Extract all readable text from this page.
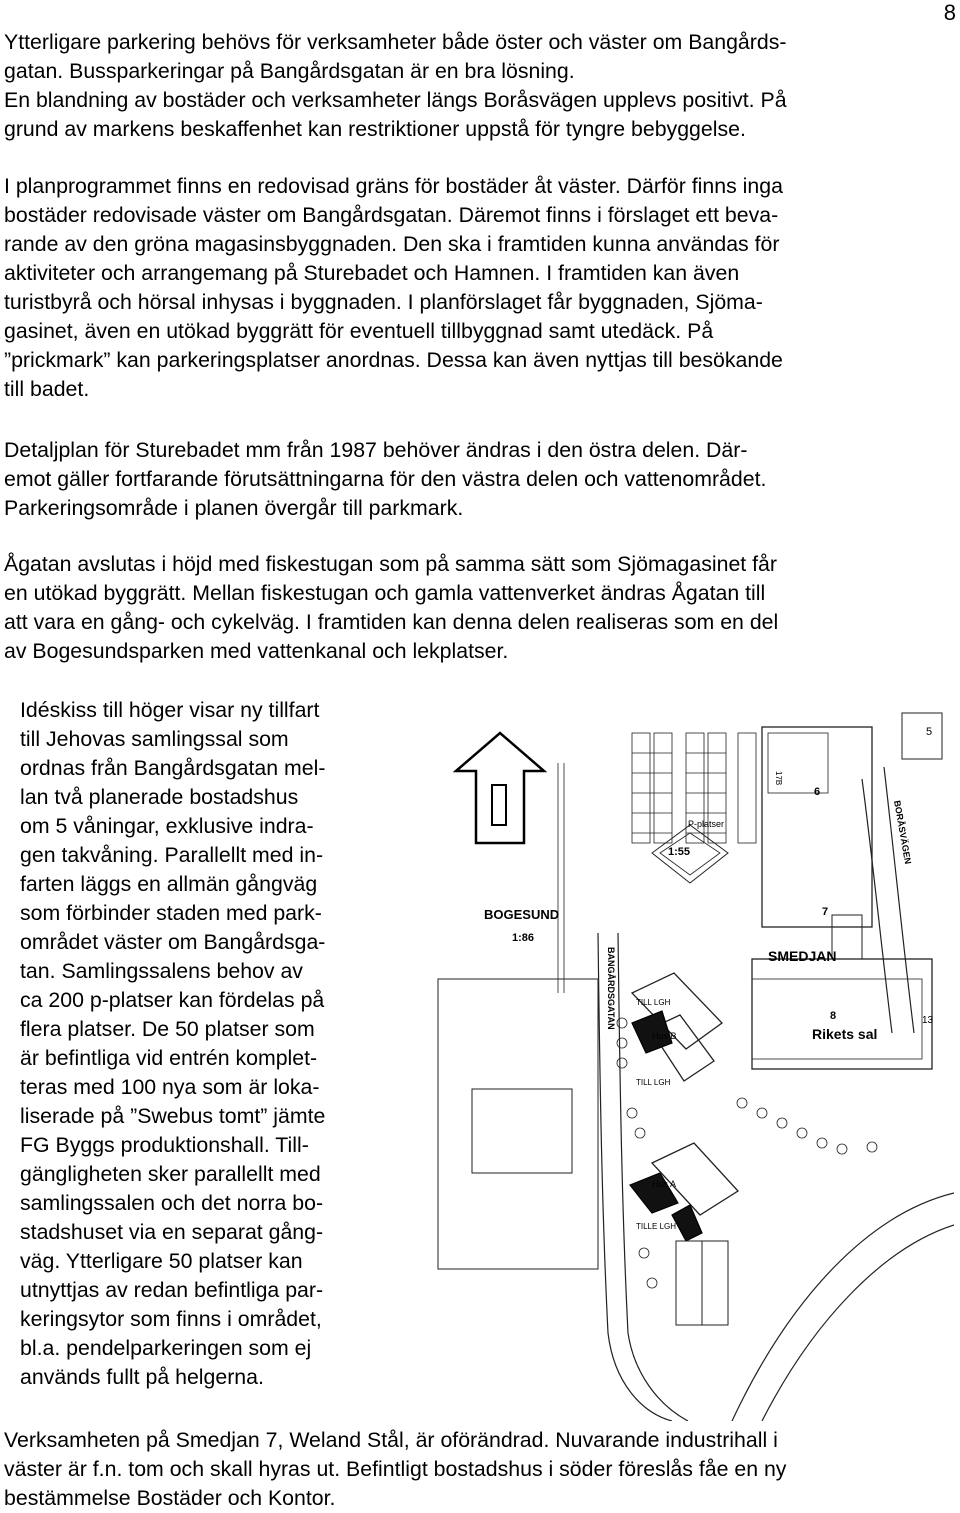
8
Ytterligare parkering behövs för verksamheter både öster och väster om Bangårds-
gatan. Bussparkeringar på Bangårdsgatan är en bra lösning.
En blandning av bostäder och verksamheter längs Boråsvägen upplevs positivt. På
grund av markens beskaffenhet kan restriktioner uppstå för tyngre bebyggelse.
I planprogrammet finns en redovisad gräns för bostäder åt väster. Därför finns inga
bostäder redovisade väster om Bangårdsgatan. Däremot finns i förslaget ett beva-
rande av den gröna magasinsbyggnaden. Den ska i framtiden kunna användas för
aktiviteter och arrangemang på Sturebadet och Hamnen. I framtiden kan även
turistbyrå och hörsal inhysas i byggnaden. I planförslaget får byggnaden, Sjöma-
gasinet, även en utökad byggrätt för eventuell tillbyggnad samt utedäck. På
”prickmark” kan parkeringsplatser anordnas. Dessa kan även nyttjas till besökande
till badet.
Detaljplan för Sturebadet mm från 1987 behöver ändras i den östra delen. Där-
emot gäller fortfarande förutsättningarna för den västra delen och vattenområdet.
Parkeringsområde i planen övergår till parkmark.
Ågatan avslutas i höjd med fiskestugan som på samma sätt som Sjömagasinet får
en utökad byggrätt. Mellan fiskestugan och gamla vattenverket ändras Ågatan till
att vara en gång- och cykelväg. I framtiden kan denna delen realiseras som en del
av Bogesundsparken med vattenkanal och lekplatser.
Idéskiss till höger visar ny tillfart
till Jehovas samlingssal som
ordnas från Bangårdsgatan mel-
lan två planerade bostadshus
om 5 våningar, exklusive indra-
gen takvåning. Parallellt med in-
farten läggs en allmän gångväg
som förbinder staden med park-
området väster om Bangårdsga-
tan. Samlingssalens behov av
ca 200 p-platser kan fördelas på
flera platser. De 50 platser som
är befintliga vid entrén komplet-
teras med 100 nya som är loka-
liserade på ”Swebus tomt” jämte
FG Byggs produktionshall. Till-
gängligheten sker parallellt med
samlingssalen och det norra bo-
stadshuset via en separat gång-
väg. Ytterligare 50 platser kan
utnyttjas av redan befintliga par-
keringsytor som finns i området,
bl.a. pendelparkeringen som ej
används fullt på helgerna.
BOGESUND
1:86
SMEDJAN
Rikets sal
8
7
6
5
13
1:55
P-platser
Hus B
Hus A
TILL LGH
TILL LGH
TILLE LGH
BANGÅRDSGATAN
BORÅSVÄGEN
17B
Verksamheten på Smedjan 7, Weland Stål, är oförändrad. Nuvarande industrihall i
väster är f.n. tom och skall hyras ut. Befintligt bostadshus i söder föreslås fåe en ny
bestämmelse Bostäder och Kontor.
